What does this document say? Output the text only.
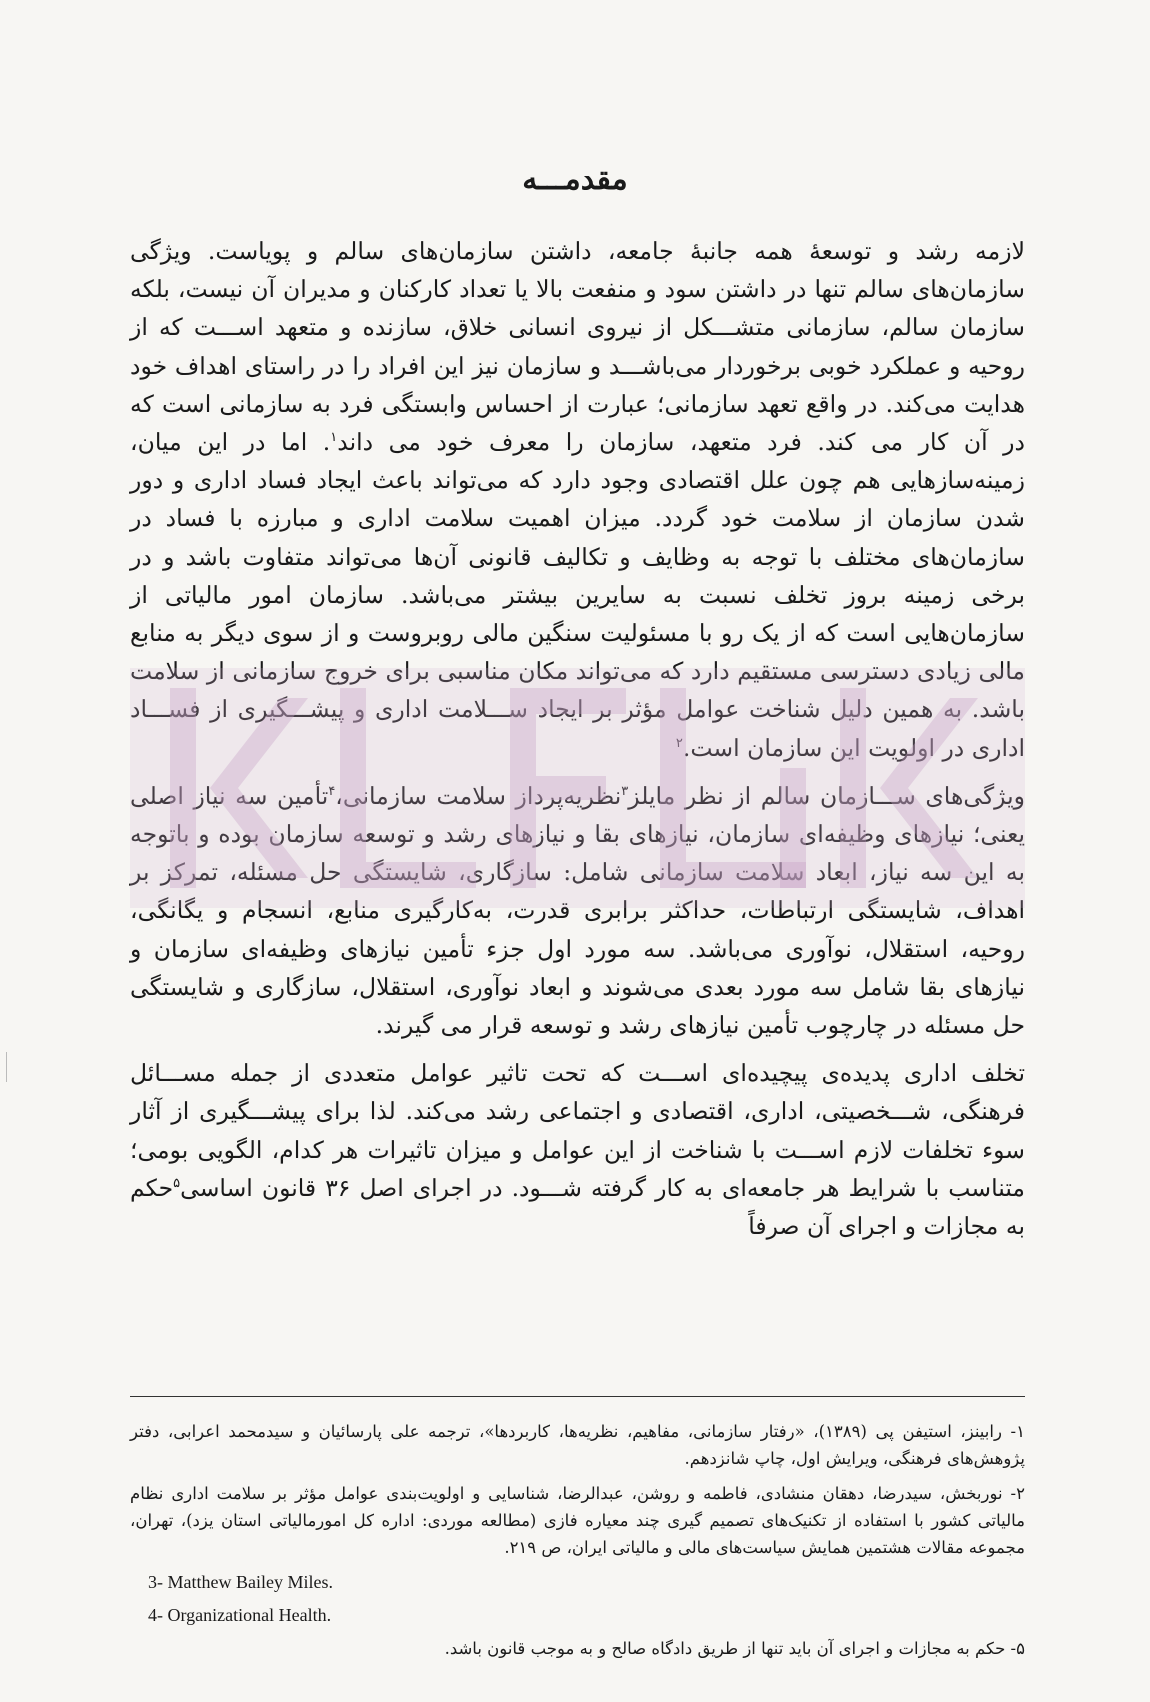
مقدمـــه

لازمه رشد و توسعهٔ همه جانبهٔ جامعه، داشتن سازمان‌های سالم و پویاست. ویژگی سازمان‌های سالم تنها در داشتن سود و منفعت بالا یا تعداد کارکنان و مدیران آن نیست، بلکه سازمان سالم، سازمانی متشـــکل از نیروی انسانی خلاق، سازنده و متعهد اســـت که از روحیه و عملکرد خوبی برخوردار می‌باشـــد و سازمان نیز این افراد را در راستای اهداف خود هدایت می‌کند. در واقع تعهد سازمانی؛ عبارت از احساس وابستگی فرد به سازمانی است که در آن کار می کند. فرد متعهد، سازمان را معرف خود می داند$^۱$. اما در این میان، زمینه‌سازهایی هم چون علل اقتصادی وجود دارد که می‌تواند باعث ایجاد فساد اداری و دور شدن سازمان از سلامت خود گردد. میزان اهمیت سلامت اداری و مبارزه با فساد در سازمان‌های مختلف با توجه به وظایف و تکالیف قانونی آن‌ها می‌تواند متفاوت باشد و در برخی زمینه بروز تخلف نسبت به سایرین بیشتر می‌باشد. سازمان امور مالیاتی از سازمان‌هایی است که از یک رو با مسئولیت سنگین مالی روبروست و از سوی دیگر به منابع مالی زیادی دسترسی مستقیم دارد که می‌تواند مکان مناسبی برای خروج سازمانی از سلامت باشد. به همین دلیل شناخت عوامل مؤثر بر ایجاد ســـلامت اداری و پیشـــگیری از فســـاد اداری در اولویت این سازمان است.$^۲$

ویژگی‌های ســـازمان سالم از نظر مایلز$^۳$نظریه‌پرداز سلامت سازمانی،$^۴$تأمین سه نیاز اصلی یعنی؛ نیازهای وظیفه‌ای سازمان، نیازهای بقا و نیازهای رشد و توسعه سازمان بوده و باتوجه به این سه نیاز، ابعاد سلامت سازمانی شامل: سازگاری، شایستگی حل مسئله، تمرکز بر اهداف، شایستگی ارتباطات، حداکثر برابری قدرت، به‌کارگیری منابع، انسجام و یگانگی، روحیه، استقلال، نوآوری می‌باشد. سه مورد اول جزء تأمین نیازهای وظیفه‌ای سازمان و نیازهای بقا شامل سه مورد بعدی می‌شوند و ابعاد نوآوری، استقلال، سازگاری و شایستگی حل مسئله در چارچوب تأمین نیازهای رشد و توسعه قرار می گیرند.

تخلف اداری پدیده‌ی پیچیده‌ای اســـت که تحت تاثیر عوامل متعددی از جمله مســـائل فرهنگی، شـــخصیتی، اداری، اقتصادی و اجتماعی رشد می‌کند. لذا برای پیشـــگیری از آثار سوء تخلفات لازم اســـت با شناخت از این عوامل و میزان تاثیرات هر کدام، الگویی بومی؛ متناسب با شرایط هر جامعه‌ای به کار گرفته شـــود. در اجرای اصل ۳۶ قانون اساسی$^۵$حکم به مجازات و اجرای آن صرفاً

۱- رابینز، استیفن پی (۱۳۸۹)، «رفتار سازمانی، مفاهیم، نظریه‌ها، کاربردها»، ترجمه علی پارسائیان و سیدمحمد اعرابی، دفتر پژوهش‌های فرهنگی، ویرایش اول، چاپ شانزدهم.

۲- نوربخش، سیدرضا، دهقان منشادی، فاطمه و روشن، عبدالرضا، شناسایی و اولویت‌بندی عوامل مؤثر بر سلامت اداری نظام مالیاتی کشور با استفاده از تکنیک‌های تصمیم گیری چند معیاره فازی (مطالعه موردی: اداره کل امورمالیاتی استان یزد)، تهران، مجموعه مقالات هشتمین همایش سیاست‌های مالی و مالیاتی ایران، ص ۲۱۹.

3- Matthew Bailey Miles.

4- Organizational Health.

۵- حکم به مجازات و اجرای آن باید تنها از طریق دادگاه صالح و به موجب قانون باشد.
